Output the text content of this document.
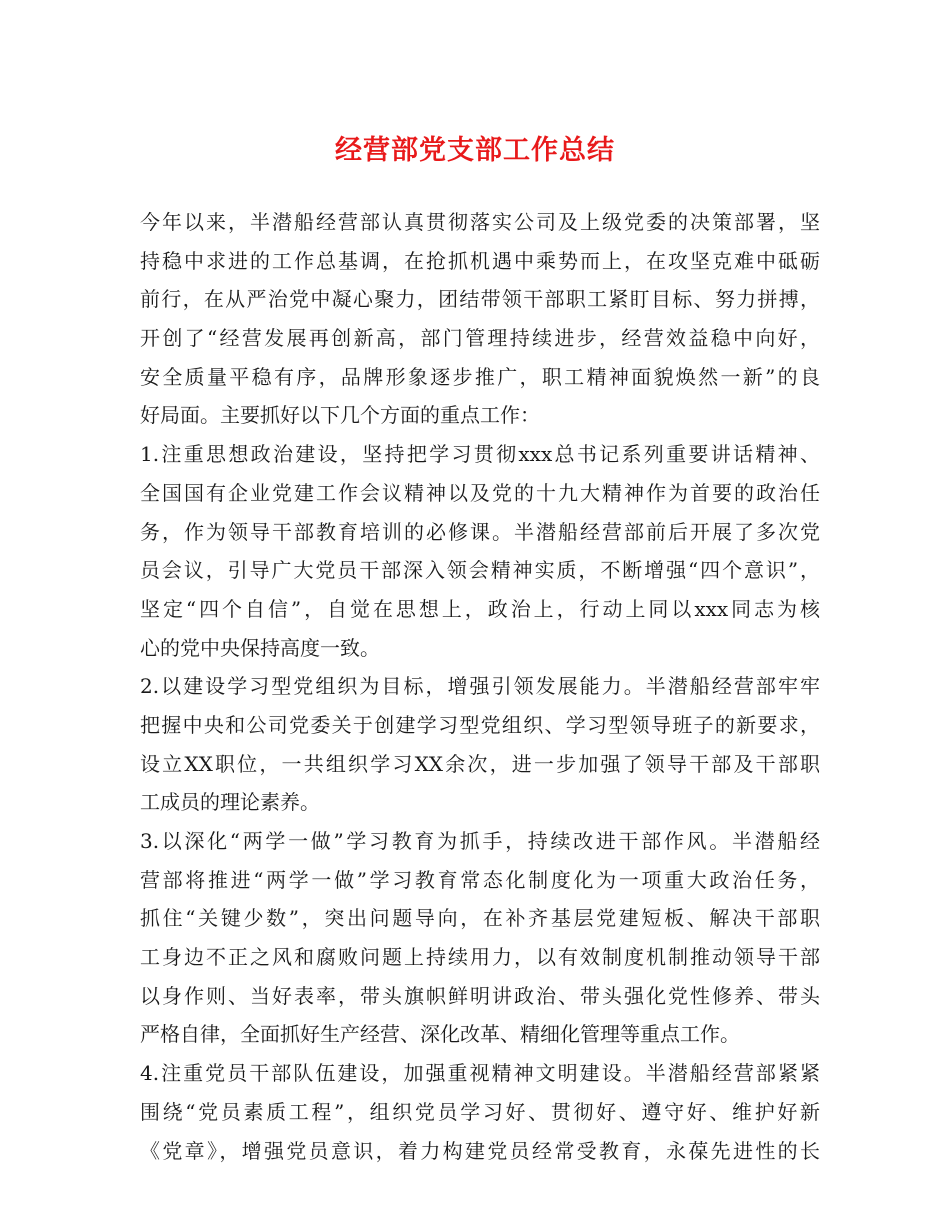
经营部党支部工作总结
今年以来，半潜船经营部认真贯彻落实公司及上级党委的决策部署，坚
持稳中求进的工作总基调，在抢抓机遇中乘势而上，在攻坚克难中砥砺
前行，在从严治党中凝心聚力，团结带领干部职工紧盯目标、努力拼搏，
开创了“经营发展再创新高，部门管理持续进步，经营效益稳中向好，
安全质量平稳有序，品牌形象逐步推广，职工精神面貌焕然一新”的良
好局面。主要抓好以下几个方面的重点工作：
1.注重思想政治建设，坚持把学习贯彻xxx总书记系列重要讲话精神、
全国国有企业党建工作会议精神以及党的十九大精神作为首要的政治任
务，作为领导干部教育培训的必修课。半潜船经营部前后开展了多次党
员会议，引导广大党员干部深入领会精神实质，不断增强“四个意识”，
坚定“四个自信”，自觉在思想上，政治上，行动上同以xxx同志为核
心的党中央保持高度一致。
2.以建设学习型党组织为目标，增强引领发展能力。半潜船经营部牢牢
把握中央和公司党委关于创建学习型党组织、学习型领导班子的新要求，
设立XX职位，一共组织学习XX余次，进一步加强了领导干部及干部职
工成员的理论素养。
3.以深化“两学一做”学习教育为抓手，持续改进干部作风。半潜船经
营部将推进“两学一做”学习教育常态化制度化为一项重大政治任务，
抓住“关键少数”，突出问题导向，在补齐基层党建短板、解决干部职
工身边不正之风和腐败问题上持续用力，以有效制度机制推动领导干部
以身作则、当好表率，带头旗帜鲜明讲政治、带头强化党性修养、带头
严格自律，全面抓好生产经营、深化改革、精细化管理等重点工作。
4.注重党员干部队伍建设，加强重视精神文明建设。半潜船经营部紧紧
围绕“党员素质工程”，组织党员学习好、贯彻好、遵守好、维护好新
《党章》，增强党员意识，着力构建党员经常受教育，永葆先进性的长
